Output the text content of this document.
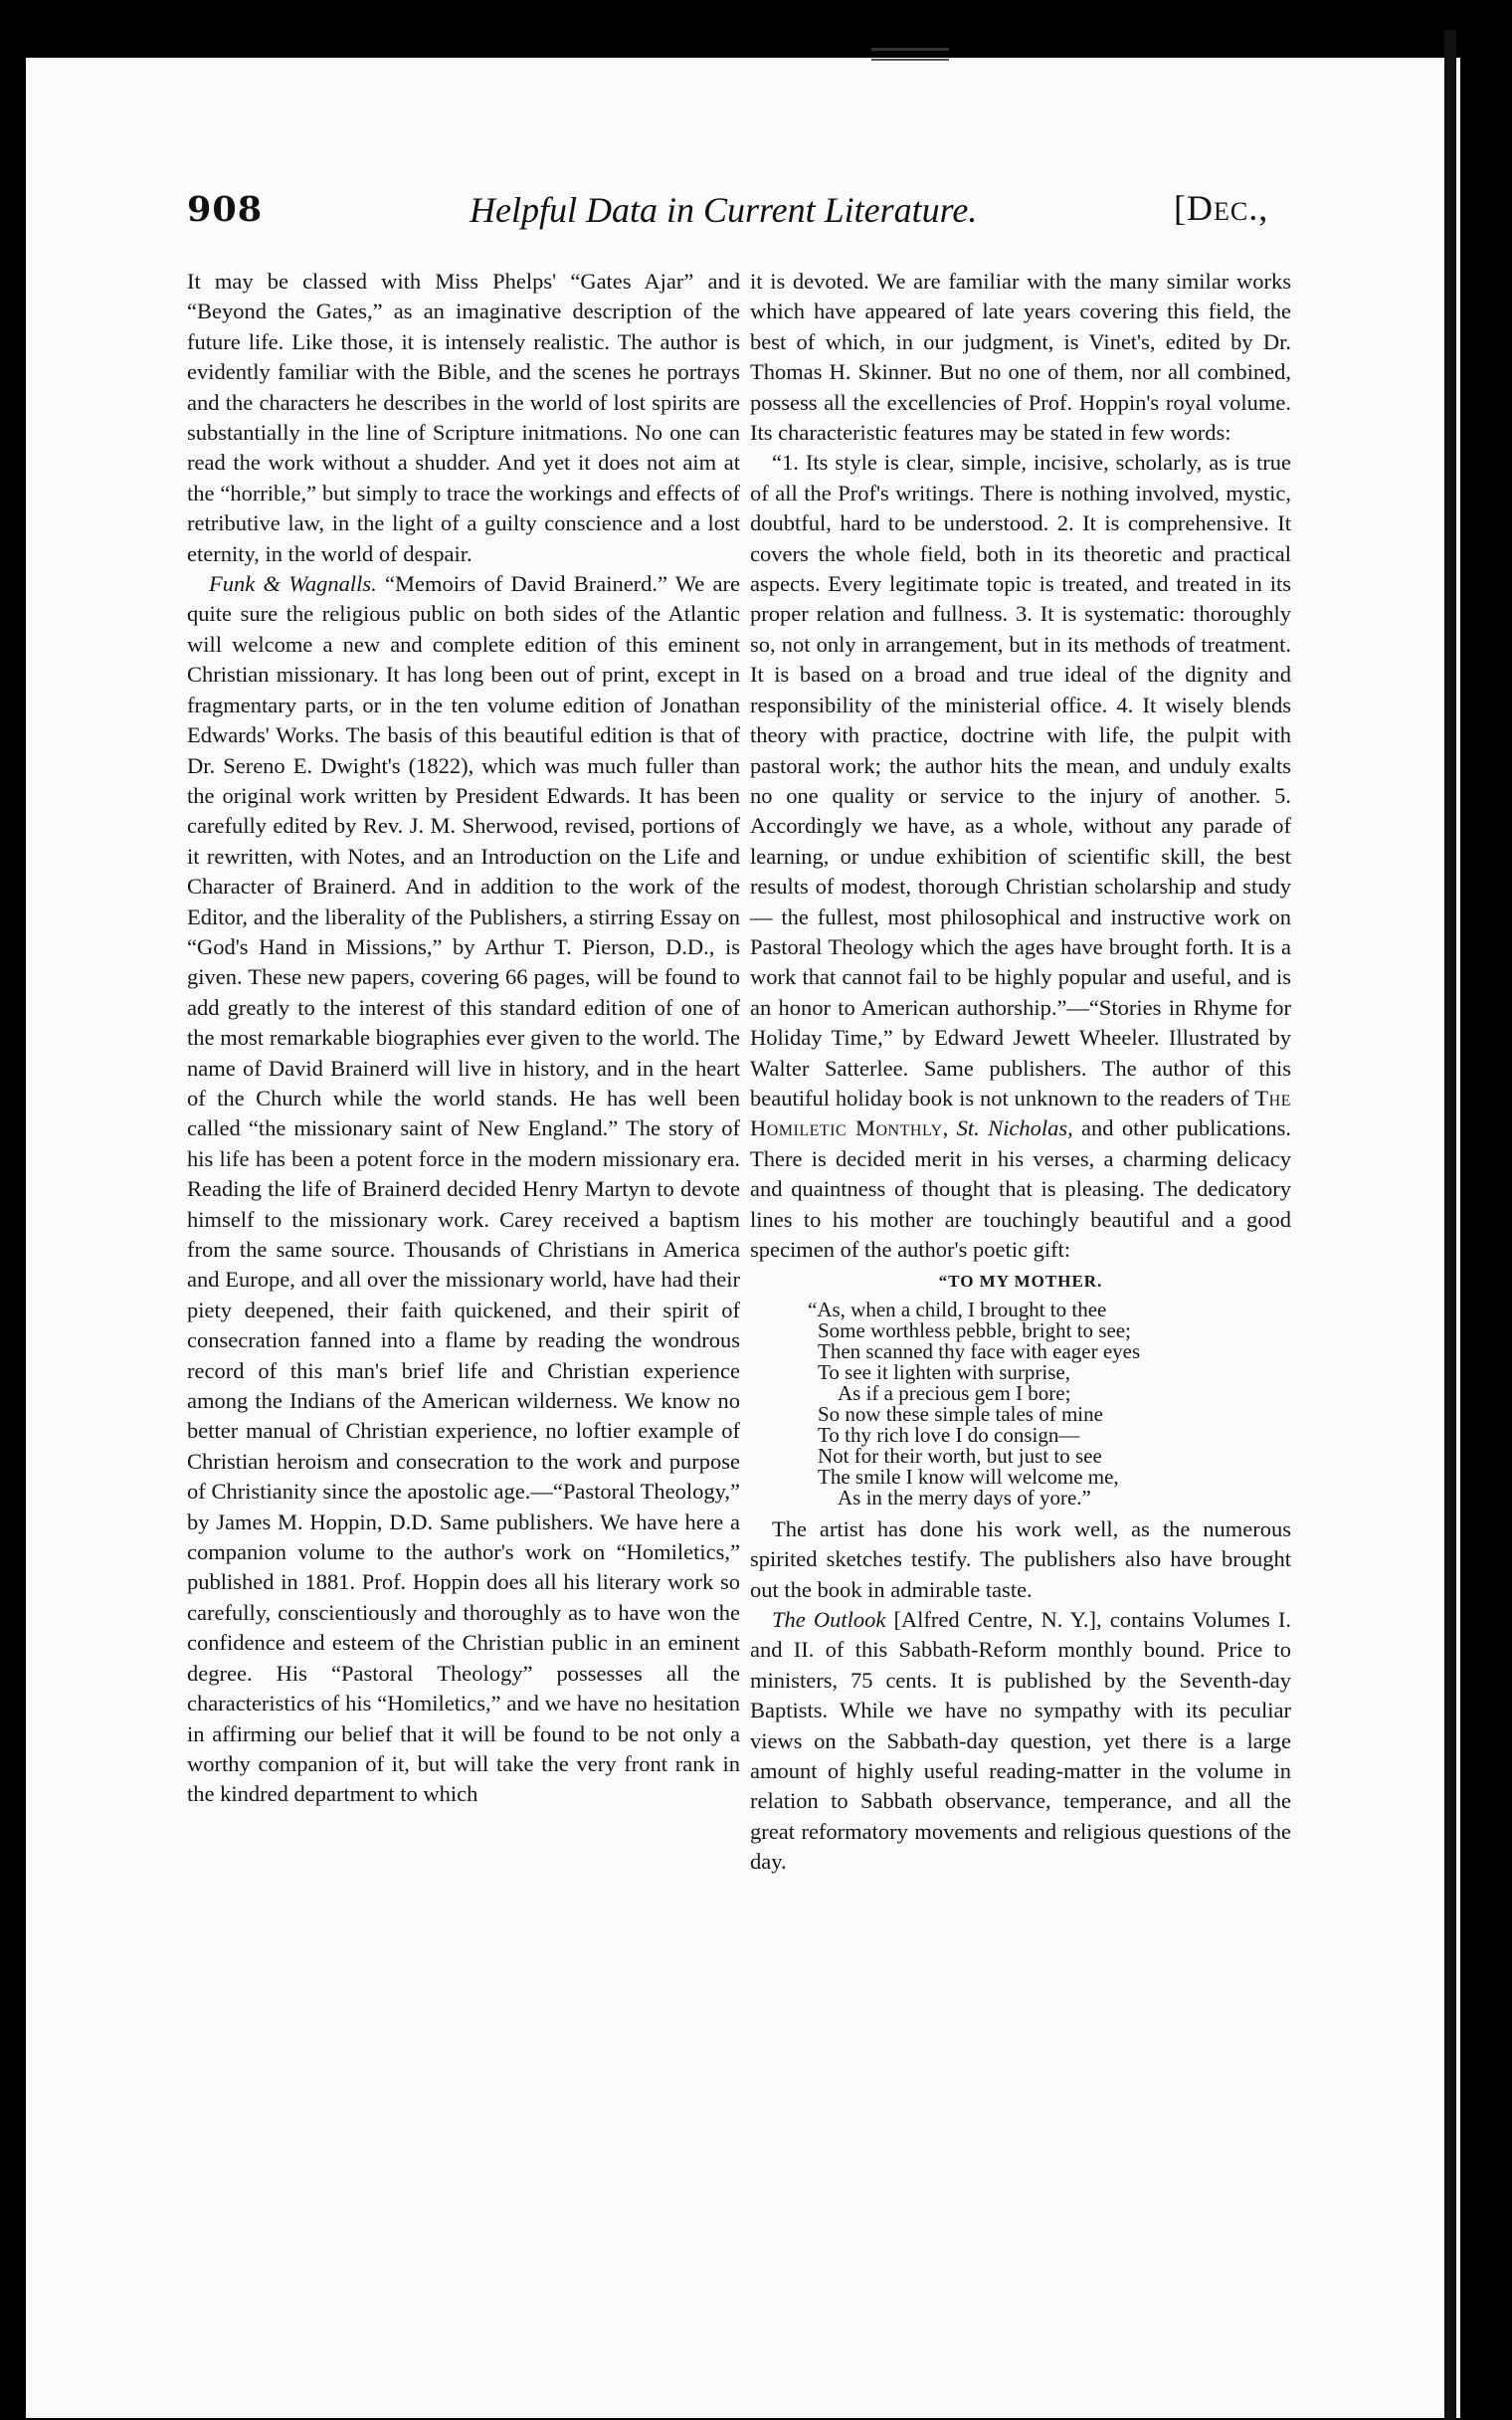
908	Helpful Data in Current Literature.	[DEC.,

It may be classed with Miss Phelps' “Gates Ajar” and “Beyond the Gates,” as an imaginative description of the future life. Like those, it is intensely realistic. The author is evidently familiar with the Bible, and the scenes he portrays and the characters he describes in the world of lost spirits are substantially in the line of Scripture initmations. No one can read the work without a shudder. And yet it does not aim at the “horrible,” but simply to trace the workings and effects of retributive law, in the light of a guilty conscience and a lost eternity, in the world of despair.

Funk & Wagnalls. “Memoirs of David Brainerd.” We are quite sure the religious public on both sides of the Atlantic will welcome a new and complete edition of this eminent Christian missionary. It has long been out of print, except in fragmentary parts, or in the ten volume edition of Jonathan Edwards' Works. The basis of this beautiful edition is that of Dr. Sereno E. Dwight's (1822), which was much fuller than the original work written by President Edwards. It has been carefully edited by Rev. J. M. Sherwood, revised, portions of it rewritten, with Notes, and an Introduction on the Life and Character of Brainerd. And in addition to the work of the Editor, and the liberality of the Publishers, a stirring Essay on “God's Hand in Missions,” by Arthur T. Pierson, D.D., is given. These new papers, covering 66 pages, will be found to add greatly to the interest of this standard edition of one of the most remarkable biographies ever given to the world. The name of David Brainerd will live in history, and in the heart of the Church while the world stands. He has well been called “the missionary saint of New England.” The story of his life has been a potent force in the modern missionary era. Reading the life of Brainerd decided Henry Martyn to devote himself to the missionary work. Carey received a baptism from the same source. Thousands of Christians in America and Europe, and all over the missionary world, have had their piety deepened, their faith quickened, and their spirit of consecration fanned into a flame by reading the wondrous record of this man's brief life and Christian experience among the Indians of the American wilderness. We know no better manual of Christian experience, no loftier example of Christian heroism and consecration to the work and purpose of Christianity since the apostolic age.—“Pastoral Theology,” by James M. Hoppin, D.D. Same publishers. We have here a companion volume to the author's work on “Homiletics,” published in 1881. Prof. Hoppin does all his literary work so carefully, conscientiously and thoroughly as to have won the confidence and esteem of the Christian public in an eminent degree. His “Pastoral Theology” possesses all the characteristics of his “Homiletics,” and we have no hesitation in affirming our belief that it will be found to be not only a worthy companion of it, but will take the very front rank in the kindred department to which

it is devoted. We are familiar with the many similar works which have appeared of late years covering this field, the best of which, in our judgment, is Vinet's, edited by Dr. Thomas H. Skinner. But no one of them, nor all combined, possess all the excellencies of Prof. Hoppin's royal volume. Its characteristic features may be stated in few words:

“1. Its style is clear, simple, incisive, scholarly, as is true of all the Prof's writings. There is nothing involved, mystic, doubtful, hard to be understood. 2. It is comprehensive. It covers the whole field, both in its theoretic and practical aspects. Every legitimate topic is treated, and treated in its proper relation and fullness. 3. It is systematic: thoroughly so, not only in arrangement, but in its methods of treatment. It is based on a broad and true ideal of the dignity and responsibility of the ministerial office. 4. It wisely blends theory with practice, doctrine with life, the pulpit with pastoral work; the author hits the mean, and unduly exalts no one quality or service to the injury of another. 5. Accordingly we have, as a whole, without any parade of learning, or undue exhibition of scientific skill, the best results of modest, thorough Christian scholarship and study — the fullest, most philosophical and instructive work on Pastoral Theology which the ages have brought forth. It is a work that cannot fail to be highly popular and useful, and is an honor to American authorship.”—“Stories in Rhyme for Holiday Time,” by Edward Jewett Wheeler. Illustrated by Walter Satterlee. Same publishers. The author of this beautiful holiday book is not unknown to the readers of The Homiletic Monthly, St. Nicholas, and other publications. There is decided merit in his verses, a charming delicacy and quaintness of thought that is pleasing. The dedicatory lines to his mother are touchingly beautiful and a good specimen of the author's poetic gift:

“TO MY MOTHER.
“As, when a child, I brought to thee
Some worthless pebble, bright to see;
Then scanned thy face with eager eyes
To see it lighten with surprise,
As if a precious gem I bore;
So now these simple tales of mine
To thy rich love I do consign—
Not for their worth, but just to see
The smile I know will welcome me,
As in the merry days of yore.”

The artist has done his work well, as the numerous spirited sketches testify. The publishers also have brought out the book in admirable taste.

The Outlook [Alfred Centre, N. Y.], contains Volumes I. and II. of this Sabbath-Reform monthly bound. Price to ministers, 75 cents. It is published by the Seventh-day Baptists. While we have no sympathy with its peculiar views on the Sabbath-day question, yet there is a large amount of highly useful reading-matter in the volume in relation to Sabbath observance, temperance, and all the great reformatory movements and religious questions of the day.
